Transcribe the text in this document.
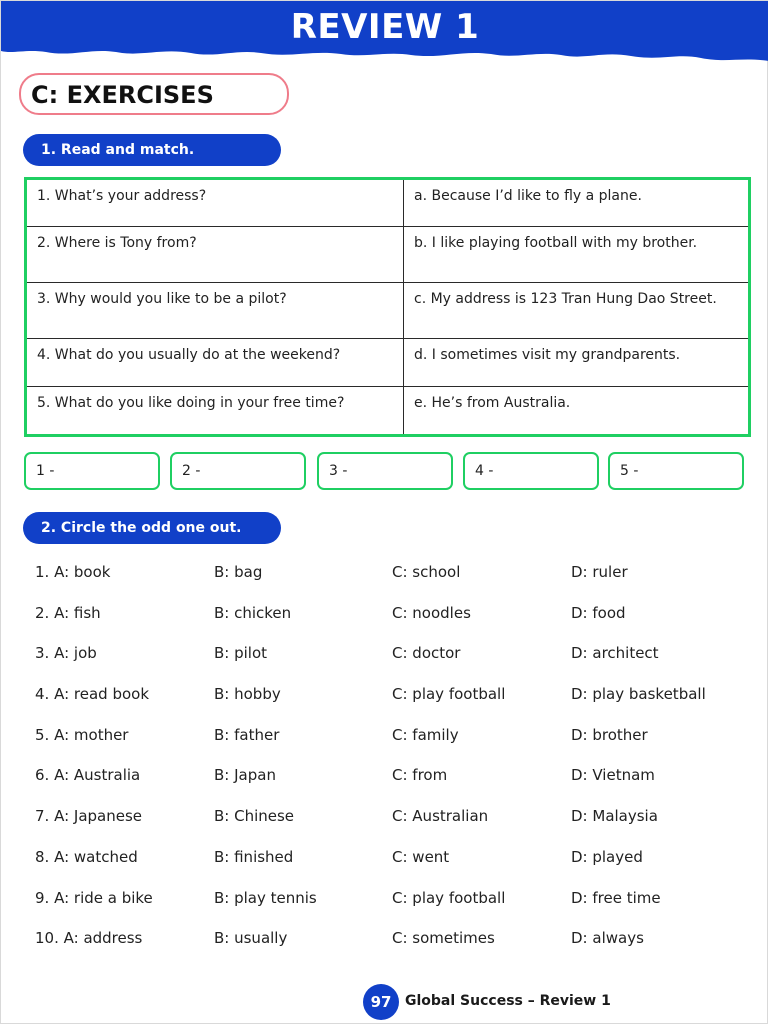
REVIEW 1
C: EXERCISES
1. Read and match.
1. What’s your address?	a. Because I’d like to fly a plane.
2. Where is Tony from?	b. I like playing football with my brother.
3. Why would you like to be a pilot?	c. My address is 123 Tran Hung Dao Street.
4. What do you usually do at the weekend?	d. I sometimes visit my grandparents.
5. What do you like doing in your free time?	e. He’s from Australia.
1 -	2 -	3 -	4 -	5 -
2. Circle the odd one out.
1. A: book	B: bag	C: school	D: ruler
2. A: fish	B: chicken	C: noodles	D: food
3. A: job	B: pilot	C: doctor	D: architect
4. A: read book	B: hobby	C: play football	D: play basketball
5. A: mother	B: father	C: family	D: brother
6. A: Australia	B: Japan	C: from	D: Vietnam
7. A: Japanese	B: Chinese	C: Australian	D: Malaysia
8. A: watched	B: finished	C: went	D: played
9. A: ride a bike	B: play tennis	C: play football	D: free time
10. A: address	B: usually	C: sometimes	D: always
97 Global Success – Review 1
